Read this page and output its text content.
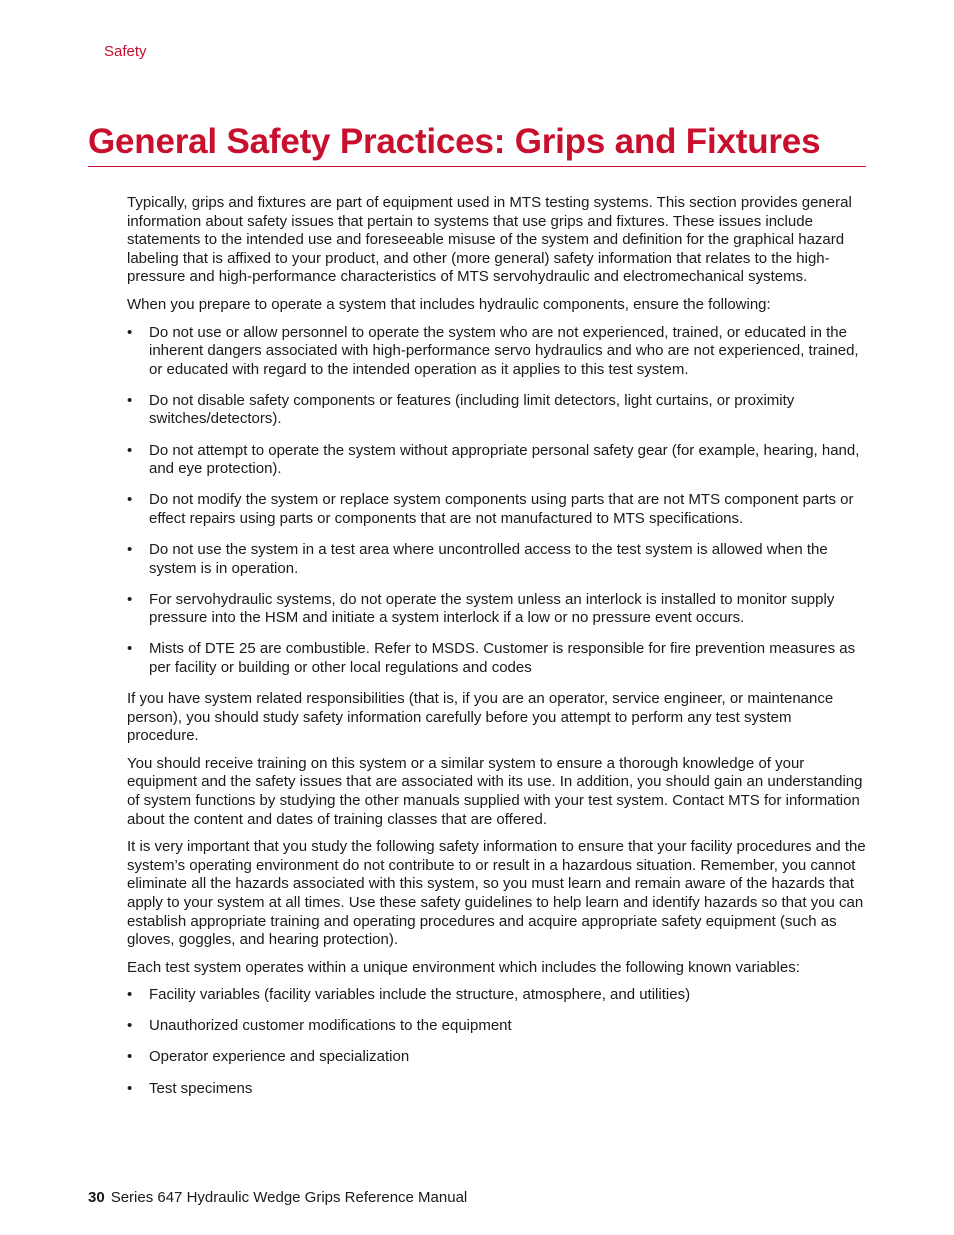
Safety
General Safety Practices: Grips and Fixtures

Typically, grips and fixtures are part of equipment used in MTS testing systems. This section provides general information about safety issues that pertain to systems that use grips and fixtures. These issues include statements to the intended use and foreseeable misuse of the system and definition for the graphical hazard labeling that is affixed to your product, and other (more general) safety information that relates to the high-pressure and high-performance characteristics of MTS servohydraulic and electromechanical systems.

When you prepare to operate a system that includes hydraulic components, ensure the following:

• Do not use or allow personnel to operate the system who are not experienced, trained, or educated in the inherent dangers associated with high-performance servo hydraulics and who are not experienced, trained, or educated with regard to the intended operation as it applies to this test system.
• Do not disable safety components or features (including limit detectors, light curtains, or proximity switches/detectors).
• Do not attempt to operate the system without appropriate personal safety gear (for example, hearing, hand, and eye protection).
• Do not modify the system or replace system components using parts that are not MTS component parts or effect repairs using parts or components that are not manufactured to MTS specifications.
• Do not use the system in a test area where uncontrolled access to the test system is allowed when the system is in operation.
• For servohydraulic systems, do not operate the system unless an interlock is installed to monitor supply pressure into the HSM and initiate a system interlock if a low or no pressure event occurs.
• Mists of DTE 25 are combustible. Refer to MSDS. Customer is responsible for fire prevention measures as per facility or building or other local regulations and codes

If you have system related responsibilities (that is, if you are an operator, service engineer, or maintenance person), you should study safety information carefully before you attempt to perform any test system procedure.

You should receive training on this system or a similar system to ensure a thorough knowledge of your equipment and the safety issues that are associated with its use. In addition, you should gain an understanding of system functions by studying the other manuals supplied with your test system. Contact MTS for information about the content and dates of training classes that are offered.

It is very important that you study the following safety information to ensure that your facility procedures and the system’s operating environment do not contribute to or result in a hazardous situation. Remember, you cannot eliminate all the hazards associated with this system, so you must learn and remain aware of the hazards that apply to your system at all times. Use these safety guidelines to help learn and identify hazards so that you can establish appropriate training and operating procedures and acquire appropriate safety equipment (such as gloves, goggles, and hearing protection).

Each test system operates within a unique environment which includes the following known variables:

• Facility variables (facility variables include the structure, atmosphere, and utilities)
• Unauthorized customer modifications to the equipment
• Operator experience and specialization
• Test specimens
30 Series 647 Hydraulic Wedge Grips Reference Manual
